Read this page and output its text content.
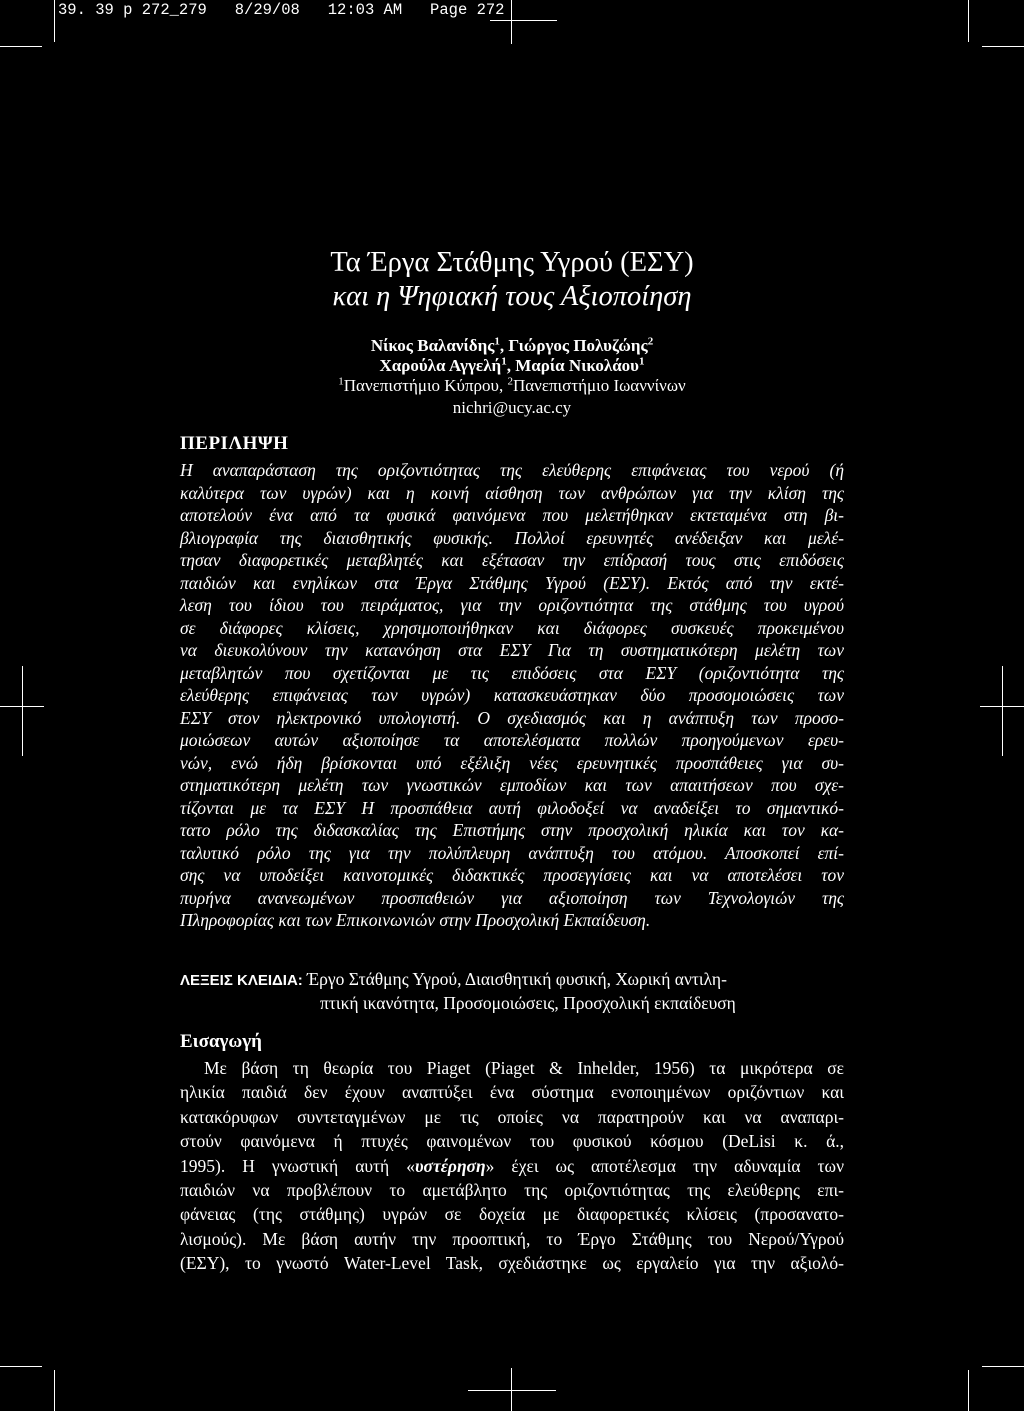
39. 39 p 272_279   8/29/08   12:03 AM   Page 272
Τα Έργα Στάθμης Υγρού (ΕΣΥ)
και η Ψηφιακή τους Αξιοποίηση
Νίκος Βαλανίδης$^1$, Γιώργος Πολυζώης$^2$
Χαρούλα Αγγελή$^1$, Μαρία Νικολάου$^1$
$^1$Πανεπιστήμιο Κύπρου, $^2$Πανεπιστήμιο Ιωαννίνων
nichri@ucy.ac.cy
ΠΕΡΙΛΗΨΗ
Η αναπαράσταση της οριζοντιότητας της ελεύθερης επιφάνειας του νερού (ή
καλύτερα των υγρών) και η κοινή αίσθηση των ανθρώπων για την κλίση της
αποτελούν ένα από τα φυσικά φαινόμενα που μελετήθηκαν εκτεταμένα στη βι-
βλιογραφία της διαισθητικής φυσικής. Πολλοί ερευνητές ανέδειξαν και μελέ-
τησαν διαφορετικές μεταβλητές και εξέτασαν την επίδρασή τους στις επιδόσεις
παιδιών και ενηλίκων στα Έργα Στάθμης Υγρού (ΕΣΥ). Εκτός από την εκτέ-
λεση του ίδιου του πειράματος, για την οριζοντιότητα της στάθμης του υγρού
σε διάφορες κλίσεις, χρησιμοποιήθηκαν και διάφορες συσκευές προκειμένου
να διευκολύνουν την κατανόηση στα ΕΣΥ Για τη συστηματικότερη μελέτη των
μεταβλητών που σχετίζονται με τις επιδόσεις στα ΕΣΥ (οριζοντιότητα της
ελεύθερης επιφάνειας των υγρών) κατασκευάστηκαν δύο προσομοιώσεις των
ΕΣΥ στον ηλεκτρονικό υπολογιστή. Ο σχεδιασμός και η ανάπτυξη των προσο-
μοιώσεων αυτών αξιοποίησε τα αποτελέσματα πολλών προηγούμενων ερευ-
νών, ενώ ήδη βρίσκονται υπό εξέλιξη νέες ερευνητικές προσπάθειες για συ-
στηματικότερη μελέτη των γνωστικών εμποδίων και των απαιτήσεων που σχε-
τίζονται με τα ΕΣΥ Η προσπάθεια αυτή φιλοδοξεί να αναδείξει το σημαντικό-
τατο ρόλο της διδασκαλίας της Επιστήμης στην προσχολική ηλικία και τον κα-
ταλυτικό ρόλο της για την πολύπλευρη ανάπτυξη του ατόμου. Αποσκοπεί επί-
σης να υποδείξει καινοτομικές διδακτικές προσεγγίσεις και να αποτελέσει τον
πυρήνα ανανεωμένων προσπαθειών για αξιοποίηση των Τεχνολογιών της
Πληροφορίας και των Επικοινωνιών στην Προσχολική Εκπαίδευση.
ΛΕΞΕΙΣ ΚΛΕΙΔΙΑ: Έργο Στάθμης Υγρού, Διαισθητική φυσική, Χωρική αντιλη-
πτική ικανότητα, Προσομοιώσεις, Προσχολική εκπαίδευση
Εισαγωγή
Με βάση τη θεωρία του Piaget (Piaget & Inhelder, 1956) τα μικρότερα σε
ηλικία παιδιά δεν έχουν αναπτύξει ένα σύστημα ενοποιημένων οριζόντιων και
κατακόρυφων συντεταγμένων με τις οποίες να παρατηρούν και να αναπαρι-
στούν φαινόμενα ή πτυχές φαινομένων του φυσικού κόσμου (DeLisi κ. ά.,
1995). Η γνωστική αυτή «υστέρηση» έχει ως αποτέλεσμα την αδυναμία των
παιδιών να προβλέπουν το αμετάβλητο της οριζοντιότητας της ελεύθερης επι-
φάνειας (της στάθμης) υγρών σε δοχεία με διαφορετικές κλίσεις (προσανατο-
λισμούς). Με βάση αυτήν την προοπτική, το Έργο Στάθμης του Νερού/Υγρού
(ΕΣΥ), το γνωστό Water-Level Task, σχεδιάστηκε ως εργαλείο για την αξιολό-
